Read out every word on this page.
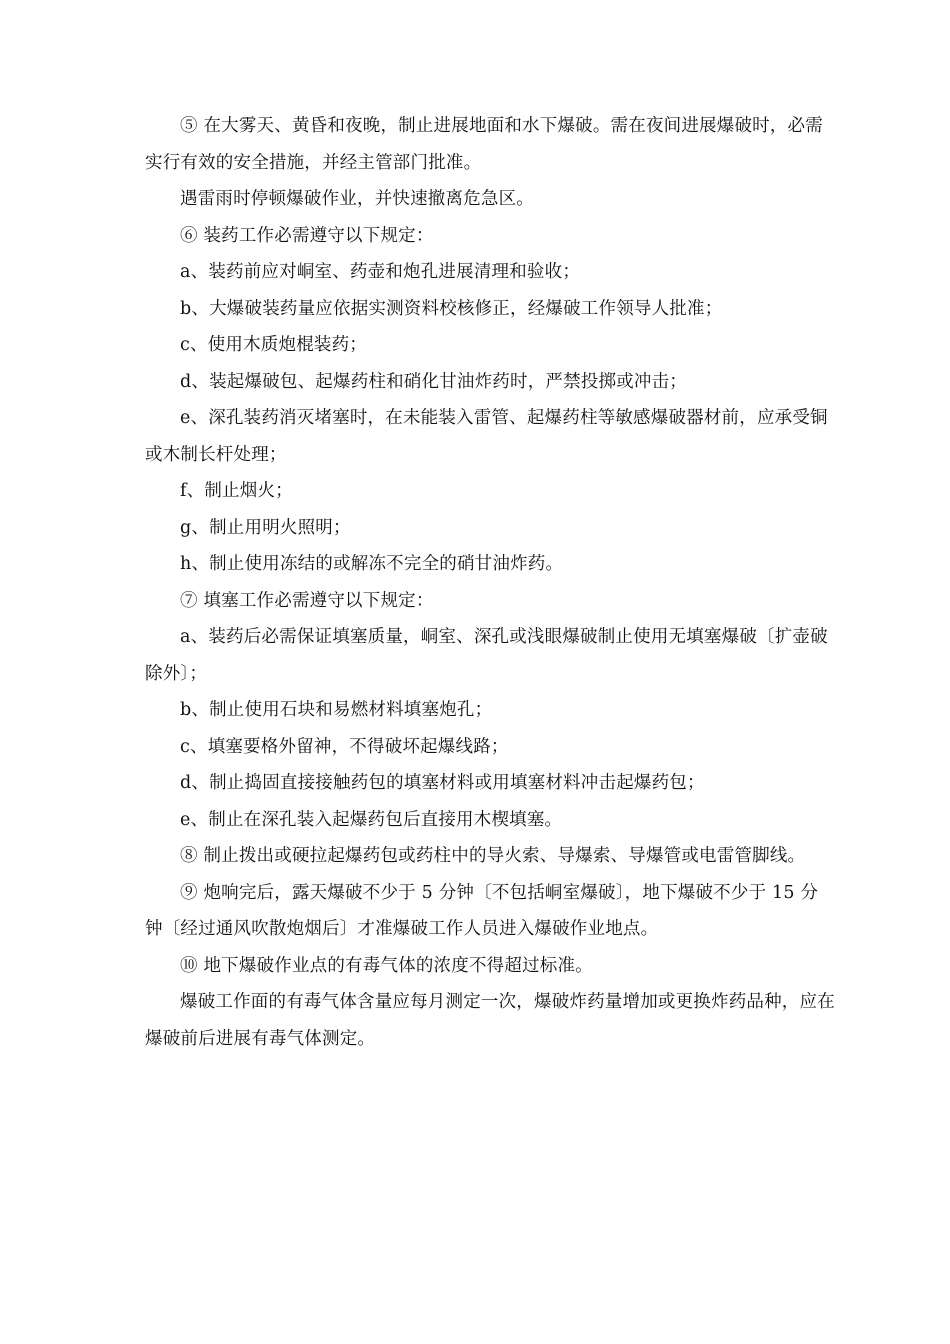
⑤ 在大雾天、黄昏和夜晚，制止进展地面和水下爆破。需在夜间进展爆破时，必需实行有效的安全措施，并经主管部门批准。

遇雷雨时停顿爆破作业，并快速撤离危急区。

⑥ 装药工作必需遵守以下规定：

a、装药前应对峒室、药壶和炮孔进展清理和验收；

b、大爆破装药量应依据实测资料校核修正，经爆破工作领导人批准；

c、使用木质炮棍装药；

d、装起爆破包、起爆药柱和硝化甘油炸药时，严禁投掷或冲击；

e、深孔装药消灭堵塞时，在未能装入雷管、起爆药柱等敏感爆破器材前，应承受铜或木制长杆处理；

f、制止烟火；

g、制止用明火照明；

h、制止使用冻结的或解冻不完全的硝甘油炸药。

⑦ 填塞工作必需遵守以下规定：

a、装药后必需保证填塞质量，峒室、深孔或浅眼爆破制止使用无填塞爆破〔扩壶破除外〕；

b、制止使用石块和易燃材料填塞炮孔；

c、填塞要格外留神，不得破坏起爆线路；

d、制止捣固直接接触药包的填塞材料或用填塞材料冲击起爆药包；

e、制止在深孔装入起爆药包后直接用木楔填塞。

⑧ 制止拨出或硬拉起爆药包或药柱中的导火索、导爆索、导爆管或电雷管脚线。

⑨ 炮响完后，露天爆破不少于 5 分钟〔不包括峒室爆破〕，地下爆破不少于 15 分钟〔经过通风吹散炮烟后〕才准爆破工作人员进入爆破作业地点。

⑩ 地下爆破作业点的有毒气体的浓度不得超过标准。

爆破工作面的有毒气体含量应每月测定一次，爆破炸药量增加或更换炸药品种，应在爆破前后进展有毒气体测定。
